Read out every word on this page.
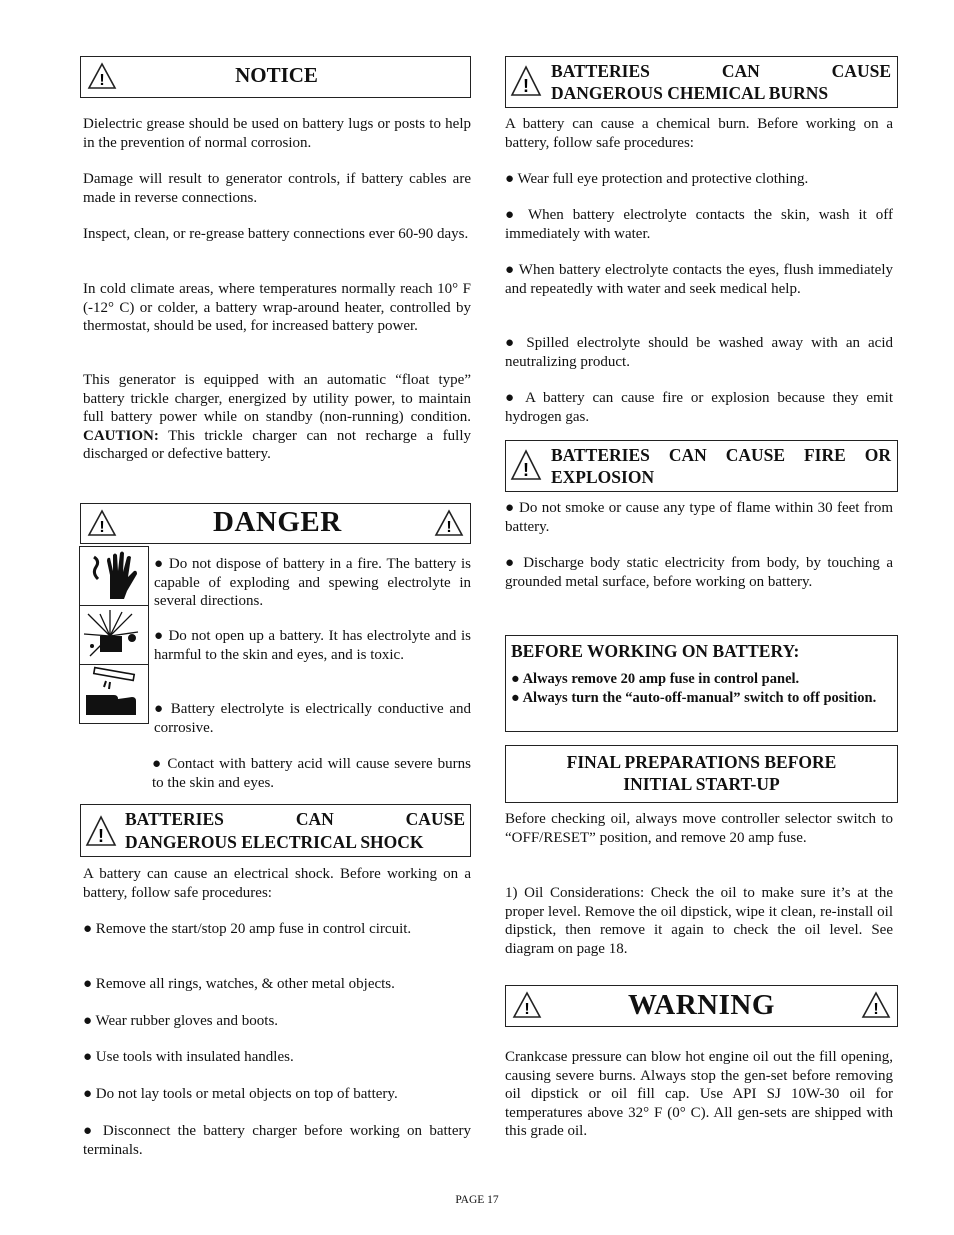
!	NOTICE

Dielectric grease should be used on battery lugs or posts to help in the prevention of normal corrosion.

Damage will result to generator controls, if battery cables are made in reverse connections.

Inspect, clean, or re-grease battery connections ever 60-90 days.

In cold climate areas, where temperatures normally reach 10° F (-12° C) or colder, a battery wrap-around heater, controlled by thermostat, should be used, for increased battery power.

This generator is equipped with an automatic “float type” battery trickle charger, energized by utility power, to maintain full battery power while on standby (non-running) condition. CAUTION: This trickle charger can not recharge a fully discharged or defective battery.

!	DANGER	!

● Do not dispose of battery in a fire. The battery is capable of exploding and spewing electrolyte in several directions.

● Do not open up a battery. It has electrolyte and is harmful to the skin and eyes, and is toxic.

● Battery electrolyte is electrically conductive and corrosive.

● Contact with battery acid will cause severe burns to the skin and eyes.

!
BATTERIES CAN CAUSE
DANGEROUS ELECTRICAL SHOCK

A battery can cause an electrical shock. Before working on a battery, follow safe procedures:

● Remove the start/stop 20 amp fuse in control circuit.

● Remove all rings, watches, & other metal objects.

● Wear rubber gloves and boots.

● Use tools with insulated handles.

● Do not lay tools or metal objects on top of battery.

● Disconnect the battery charger before working on battery terminals.

!
BATTERIES CAN CAUSE
DANGEROUS CHEMICAL BURNS

A battery can cause a chemical burn. Before working on a battery, follow safe procedures:

● Wear full eye protection and protective clothing.

● When battery electrolyte contacts the skin, wash it off immediately with water.

● When battery electrolyte contacts the eyes, flush immediately and repeatedly with water and seek medical help.

● Spilled electrolyte should be washed away with an acid neutralizing product.

● A battery can cause fire or explosion because they emit hydrogen gas.

!
BATTERIES CAN CAUSE FIRE OR
EXPLOSION

● Do not smoke or cause any type of flame within 30 feet from battery.

● Discharge body static electricity from body, by touching a grounded metal surface, before working on battery.

BEFORE WORKING ON BATTERY:
● Always remove 20 amp fuse in control panel.
● Always turn the “auto-off-manual” switch to off position.
FINAL PREPARATIONS BEFORE
INITIAL START-UP

Before checking oil, always move controller selector switch to “OFF/RESET” position, and remove 20 amp fuse.

1) Oil Considerations: Check the oil to make sure it’s at the proper level. Remove the oil dipstick, wipe it clean, re-install oil dipstick, then remove it again to check the oil level. See diagram on page 18.

!	WARNING	!

Crankcase pressure can blow hot engine oil out the fill opening, causing severe burns. Always stop the gen-set before removing oil dipstick or oil fill cap. Use API SJ 10W-30 oil for temperatures above 32° F (0° C). All gen-sets are shipped with this grade oil.

PAGE 17
